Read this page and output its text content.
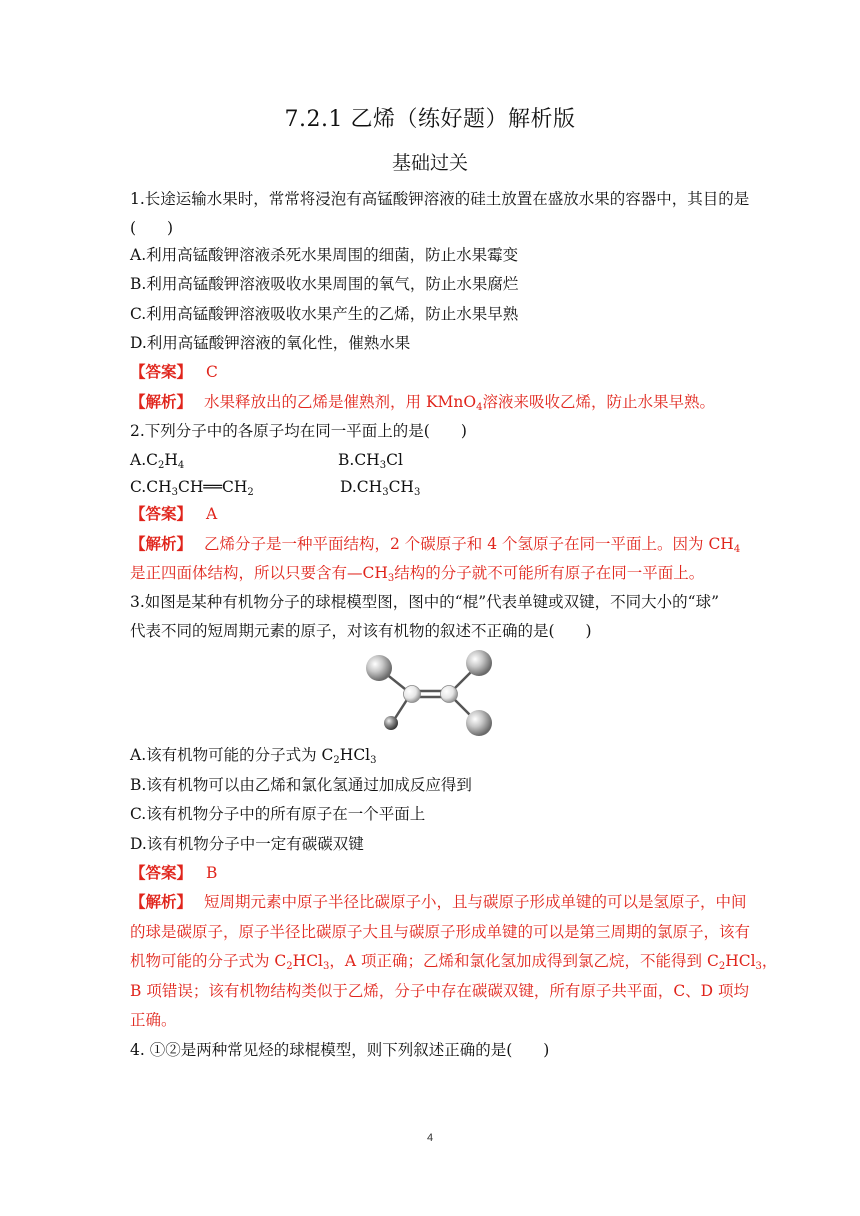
7.2.1 乙烯（练好题）解析版
基础过关
1.长途运输水果时，常常将浸泡有高锰酸钾溶液的硅土放置在盛放水果的容器中，其目的是
(　　)
A.利用高锰酸钾溶液杀死水果周围的细菌，防止水果霉变
B.利用高锰酸钾溶液吸收水果周围的氧气，防止水果腐烂
C.利用高锰酸钾溶液吸收水果产生的乙烯，防止水果早熟
D.利用高锰酸钾溶液的氧化性，催熟水果
【答案】 C
【解析】 水果释放出的乙烯是催熟剂，用 KMnO$_4$溶液来吸收乙烯，防止水果早熟。
2.下列分子中的各原子均在同一平面上的是(　　)
$A.C_2H_4$	$B.CH_3Cl$
$C.CH_3CH══CH_2$	$D.CH_3CH_3$
【答案】 A
【解析】 乙烯分子是一种平面结构，2 个碳原子和 4 个氢原子在同一平面上。因为 $CH_4$
是正四面体结构，所以只要含有$—CH_3$结构的分子就不可能所有原子在同一平面上。
3.如图是某种有机物分子的球棍模型图，图中的“棍”代表单键或双键，不同大小的“球”
代表不同的短周期元素的原子，对该有机物的叙述不正确的是(　　)
A.该有机物可能的分子式为 $C_2HCl_3$
B.该有机物可以由乙烯和氯化氢通过加成反应得到
C.该有机物分子中的所有原子在一个平面上
D.该有机物分子中一定有碳碳双键
【答案】 B
【解析】 短周期元素中原子半径比碳原子小，且与碳原子形成单键的可以是氢原子，中间
的球是碳原子，原子半径比碳原子大且与碳原子形成单键的可以是第三周期的氯原子，该有
机物可能的分子式为 $C_2HCl_3$，A 项正确；乙烯和氯化氢加成得到氯乙烷，不能得到 $C_2HCl_3$，
B 项错误；该有机物结构类似于乙烯，分子中存在碳碳双键，所有原子共平面，C、D 项均
正确。
4. ①②是两种常见烃的球棍模型，则下列叙述正确的是(　　)
4
